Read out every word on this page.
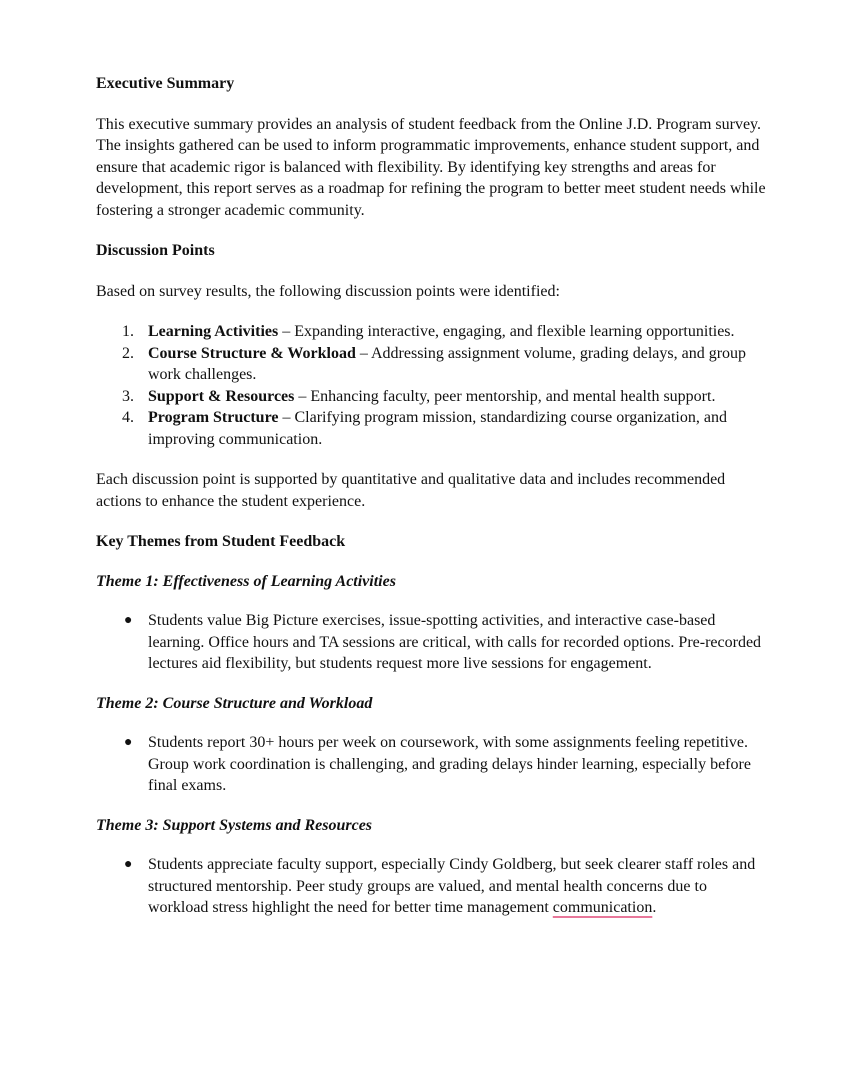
Executive Summary

This executive summary provides an analysis of student feedback from the Online J.D. Program survey. The insights gathered can be used to inform programmatic improvements, enhance student support, and ensure that academic rigor is balanced with flexibility. By identifying key strengths and areas for development, this report serves as a roadmap for refining the program to better meet student needs while fostering a stronger academic community.

Discussion Points

Based on survey results, the following discussion points were identified:

1. Learning Activities – Expanding interactive, engaging, and flexible learning opportunities.
2. Course Structure & Workload – Addressing assignment volume, grading delays, and group work challenges.
3. Support & Resources – Enhancing faculty, peer mentorship, and mental health support.
4. Program Structure – Clarifying program mission, standardizing course organization, and improving communication.

Each discussion point is supported by quantitative and qualitative data and includes recommended actions to enhance the student experience.

Key Themes from Student Feedback

Theme 1: Effectiveness of Learning Activities

● Students value Big Picture exercises, issue-spotting activities, and interactive case-based learning. Office hours and TA sessions are critical, with calls for recorded options. Pre-recorded lectures aid flexibility, but students request more live sessions for engagement.

Theme 2: Course Structure and Workload

● Students report 30+ hours per week on coursework, with some assignments feeling repetitive. Group work coordination is challenging, and grading delays hinder learning, especially before final exams.

Theme 3: Support Systems and Resources

● Students appreciate faculty support, especially Cindy Goldberg, but seek clearer staff roles and structured mentorship. Peer study groups are valued, and mental health concerns due to workload stress highlight the need for better time management communication.
